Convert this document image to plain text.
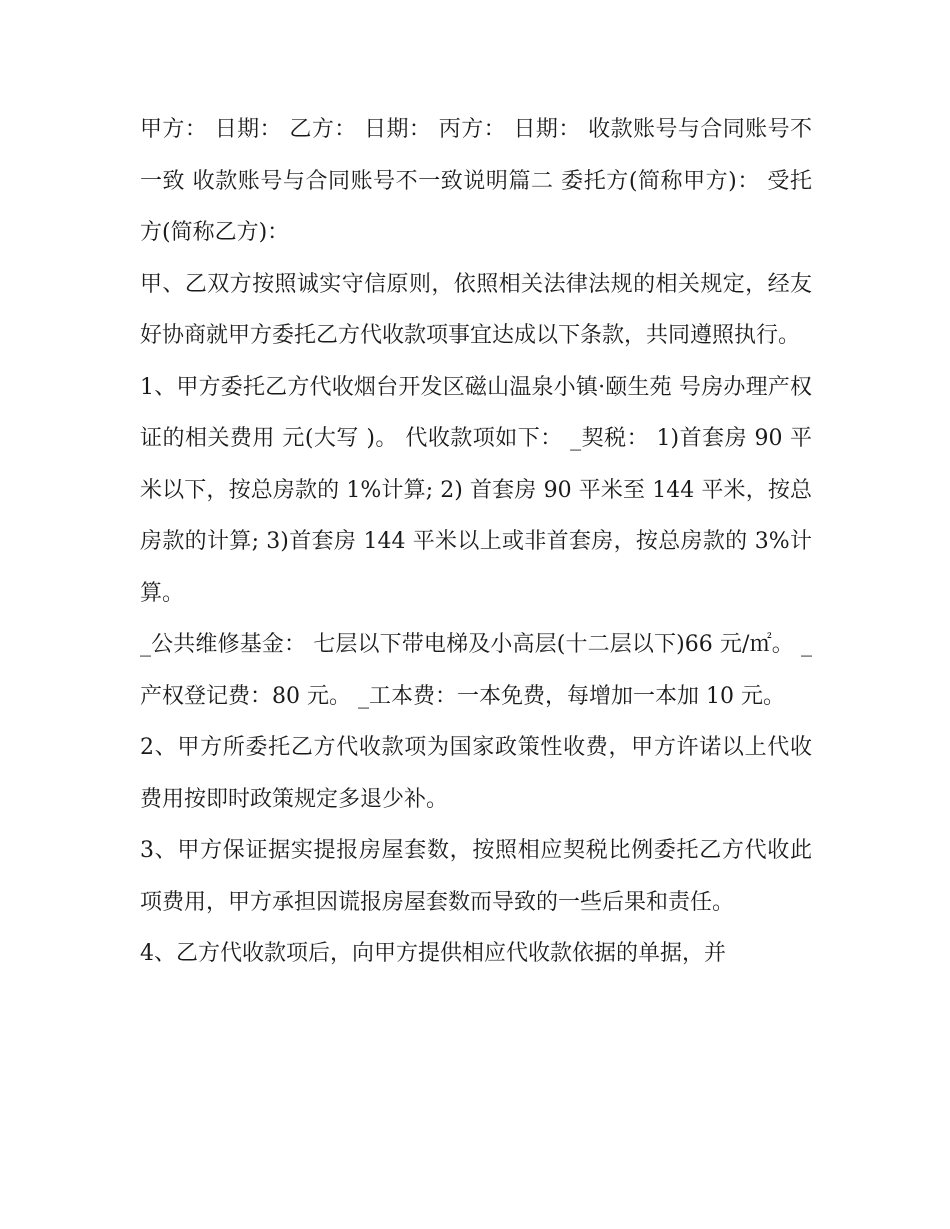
甲方： 日期： 乙方： 日期： 丙方： 日期： 收款账号与合同账号不一致 收款账号与合同账号不一致说明篇二 委托方(简称甲方)： 受托方(简称乙方)：

甲、乙双方按照诚实守信原则，依照相关法律法规的相关规定，经友好协商就甲方委托乙方代收款项事宜达成以下条款，共同遵照执行。

1、甲方委托乙方代收烟台开发区磁山温泉小镇·颐生苑 号房办理产权证的相关费用 元(大写 )。 代收款项如下： _契税： 1)首套房 90 平米以下，按总房款的 1%计算; 2) 首套房 90 平米至 144 平米，按总房款的计算; 3)首套房 144 平米以上或非首套房，按总房款的 3%计算。

_公共维修基金： 七层以下带电梯及小高层(十二层以下)66 元/㎡。 _产权登记费：80 元。 _工本费：一本免费，每增加一本加 10 元。

2、甲方所委托乙方代收款项为国家政策性收费，甲方许诺以上代收费用按即时政策规定多退少补。

3、甲方保证据实提报房屋套数，按照相应契税比例委托乙方代收此项费用，甲方承担因谎报房屋套数而导致的一些后果和责任。

4、乙方代收款项后，向甲方提供相应代收款依据的单据，并
